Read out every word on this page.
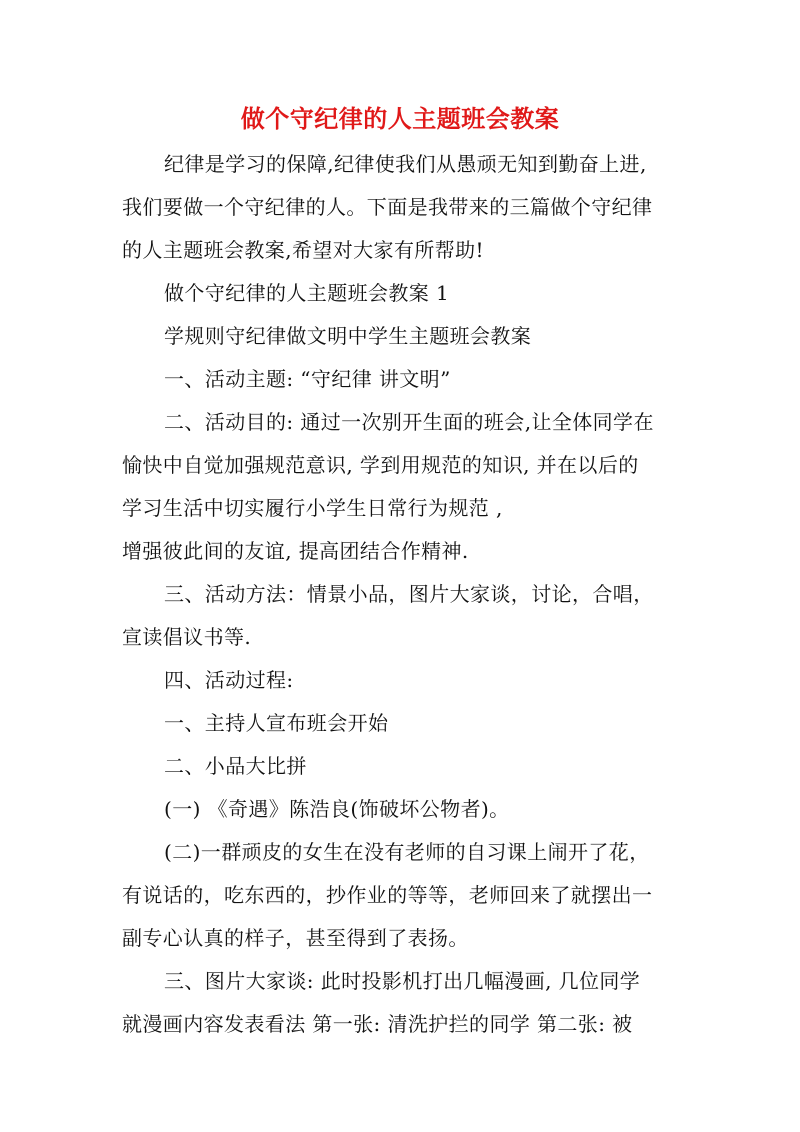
做个守纪律的人主题班会教案
纪律是学习的保障,纪律使我们从愚顽无知到勤奋上进,
我们要做一个守纪律的人。下面是我带来的三篇做个守纪律
的人主题班会教案,希望对大家有所帮助!
做个守纪律的人主题班会教案 1
学规则守纪律做文明中学生主题班会教案
一、活动主题: “守纪律 讲文明”
二、活动目的: 通过一次别开生面的班会,让全体同学在
愉快中自觉加强规范意识, 学到用规范的知识, 并在以后的
学习生活中切实履行小学生日常行为规范 ,
增强彼此间的友谊, 提高团结合作精神.
三、活动方法：情景小品，图片大家谈，讨论，合唱，
宣读倡议书等.
四、活动过程:
一、主持人宣布班会开始
二、小品大比拼
(一) 《奇遇》陈浩良(饰破坏公物者)。
(二)一群顽皮的女生在没有老师的自习课上闹开了花，
有说话的，吃东西的，抄作业的等等，老师回来了就摆出一
副专心认真的样子，甚至得到了表扬。
三、图片大家谈: 此时投影机打出几幅漫画, 几位同学
就漫画内容发表看法 第一张: 清洗护拦的同学 第二张: 被
